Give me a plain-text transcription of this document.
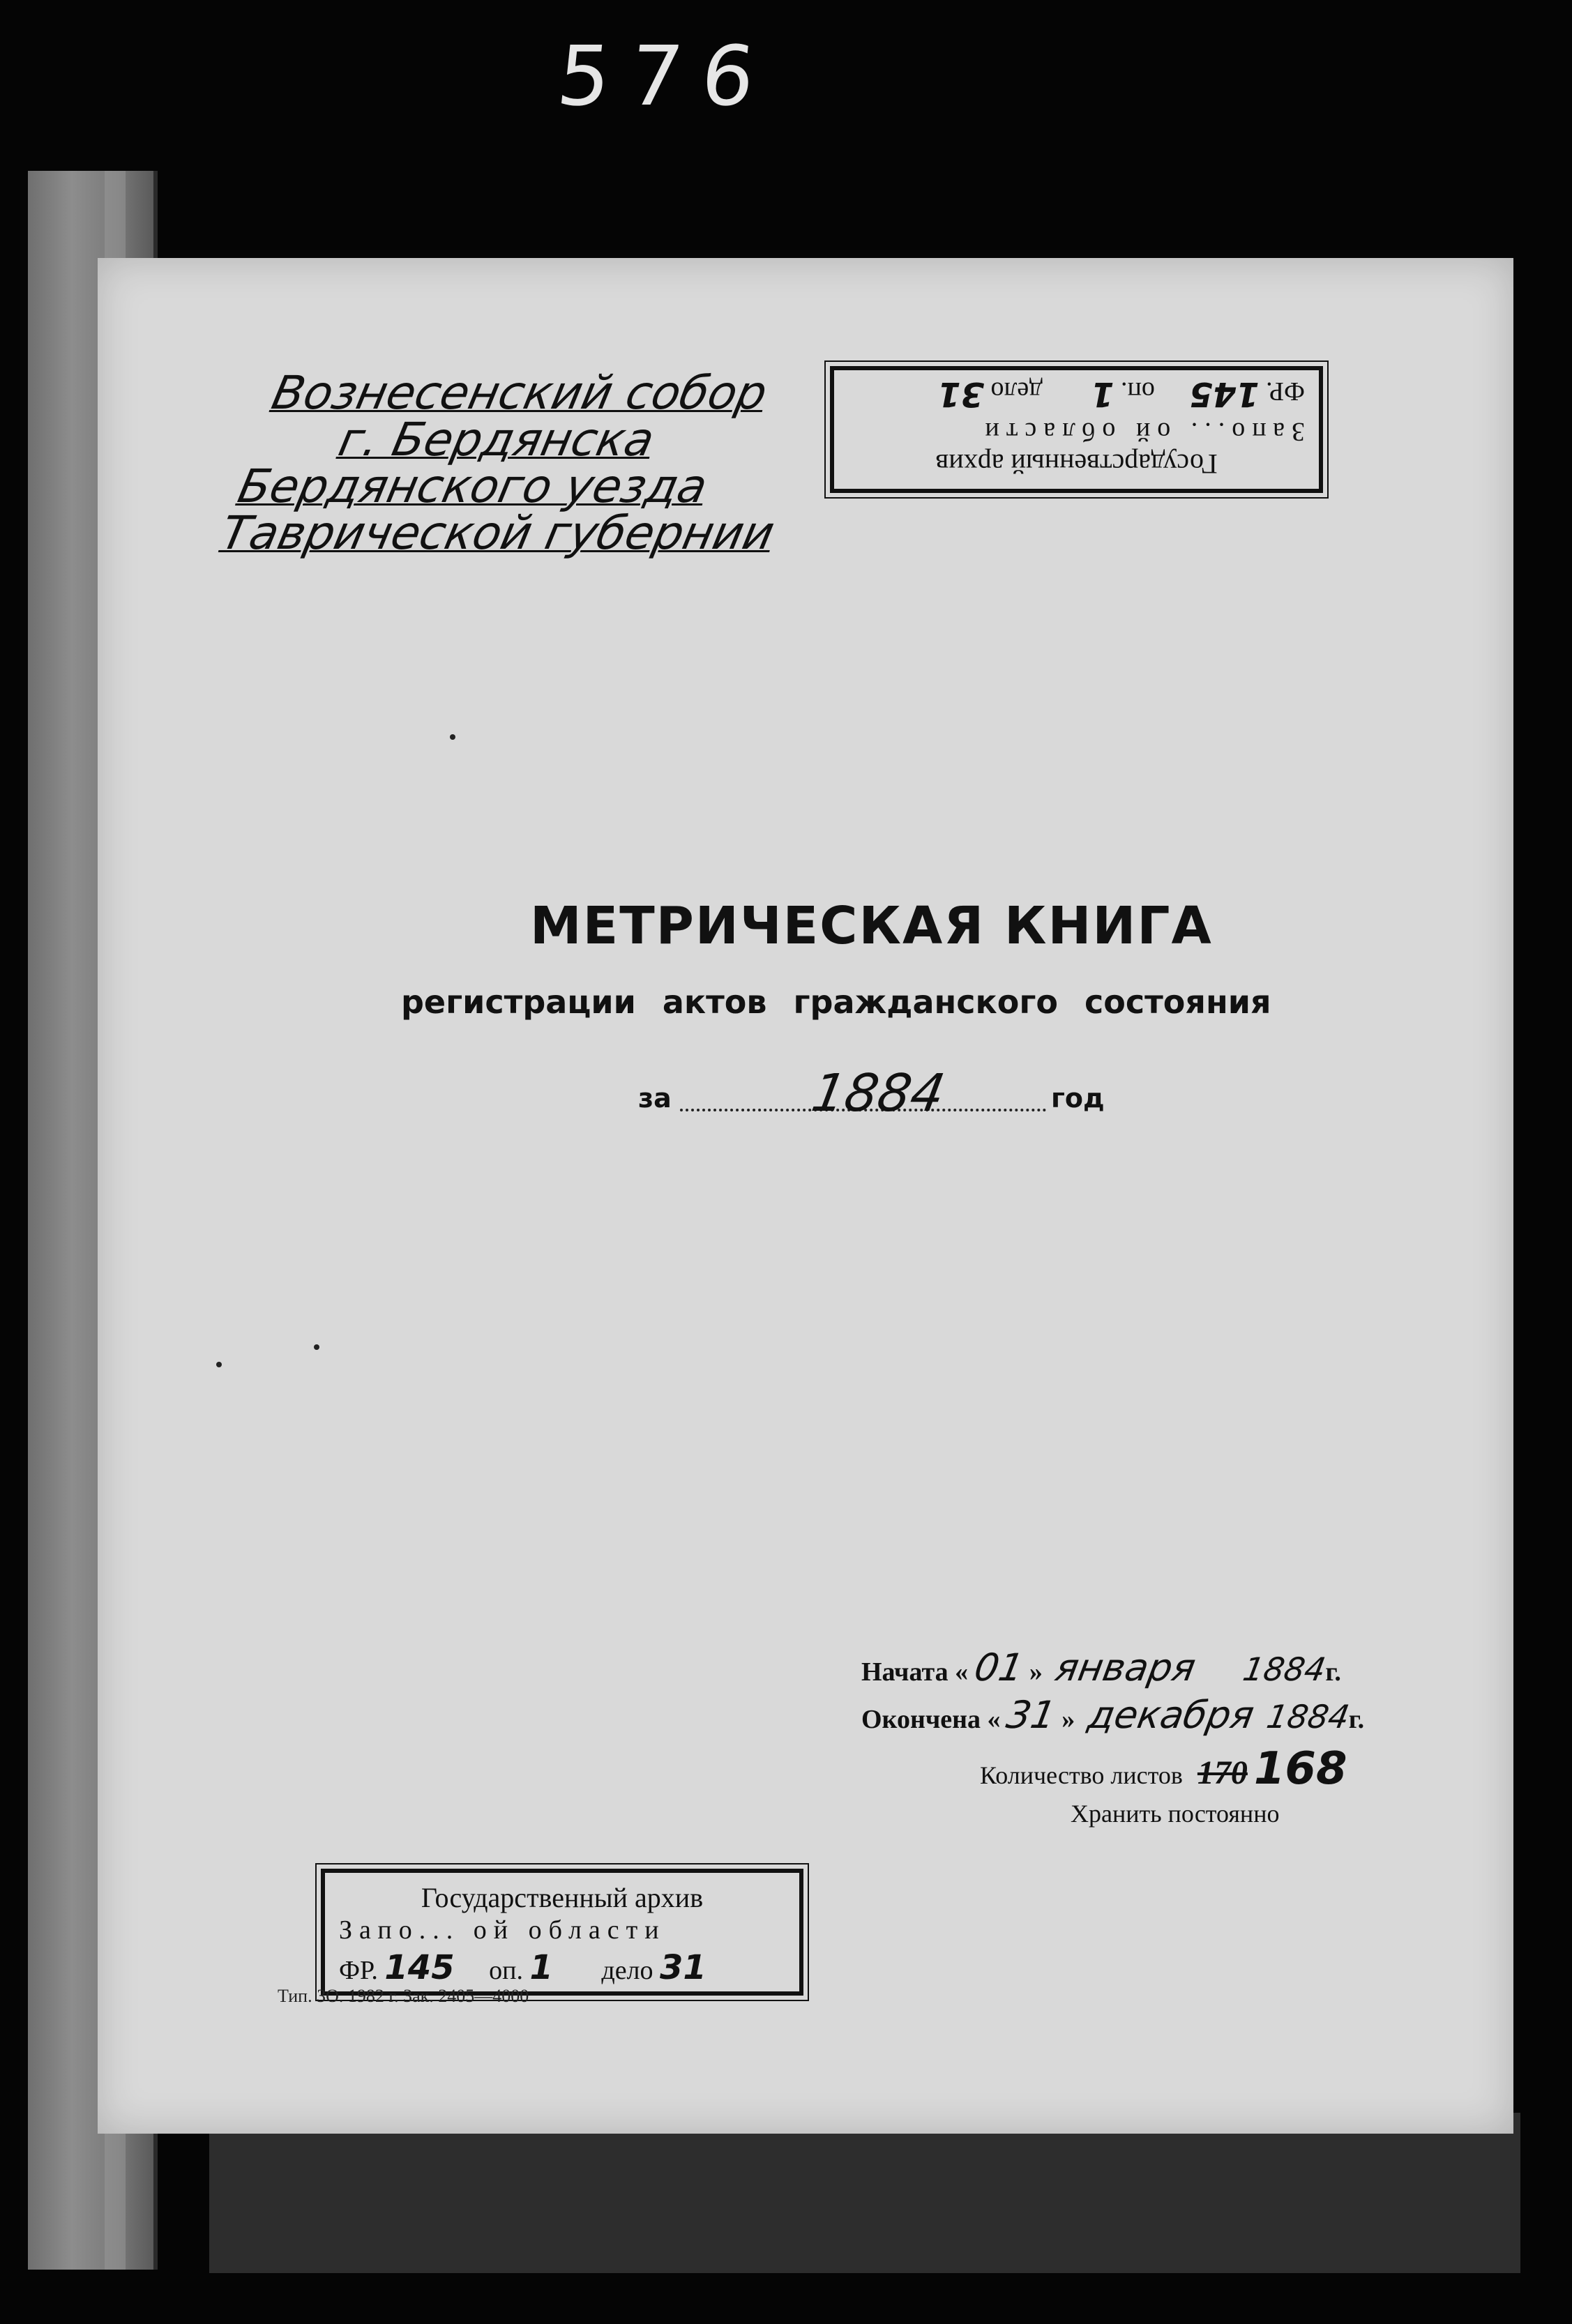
576
Вознесенский собор
г. Бердянска
Бердянского уезда
Таврической губернии
Государственный архив
Запо... ой области
ФР. 145 оп. 1 дело 31
МЕТРИЧЕСКАЯ КНИГА
регистрации актов гражданского состояния
за	1884	год
Начата « 01 » января 1884г.
Окончена « 31 » декабря 1884г.
Количество листов 170 168
Хранить постоянно
Государственный архив
Запо... ой области
ФР. 145 оп. 1 дело 31
Тип. ЗО. 1982 г. Зак. 2405—4000
